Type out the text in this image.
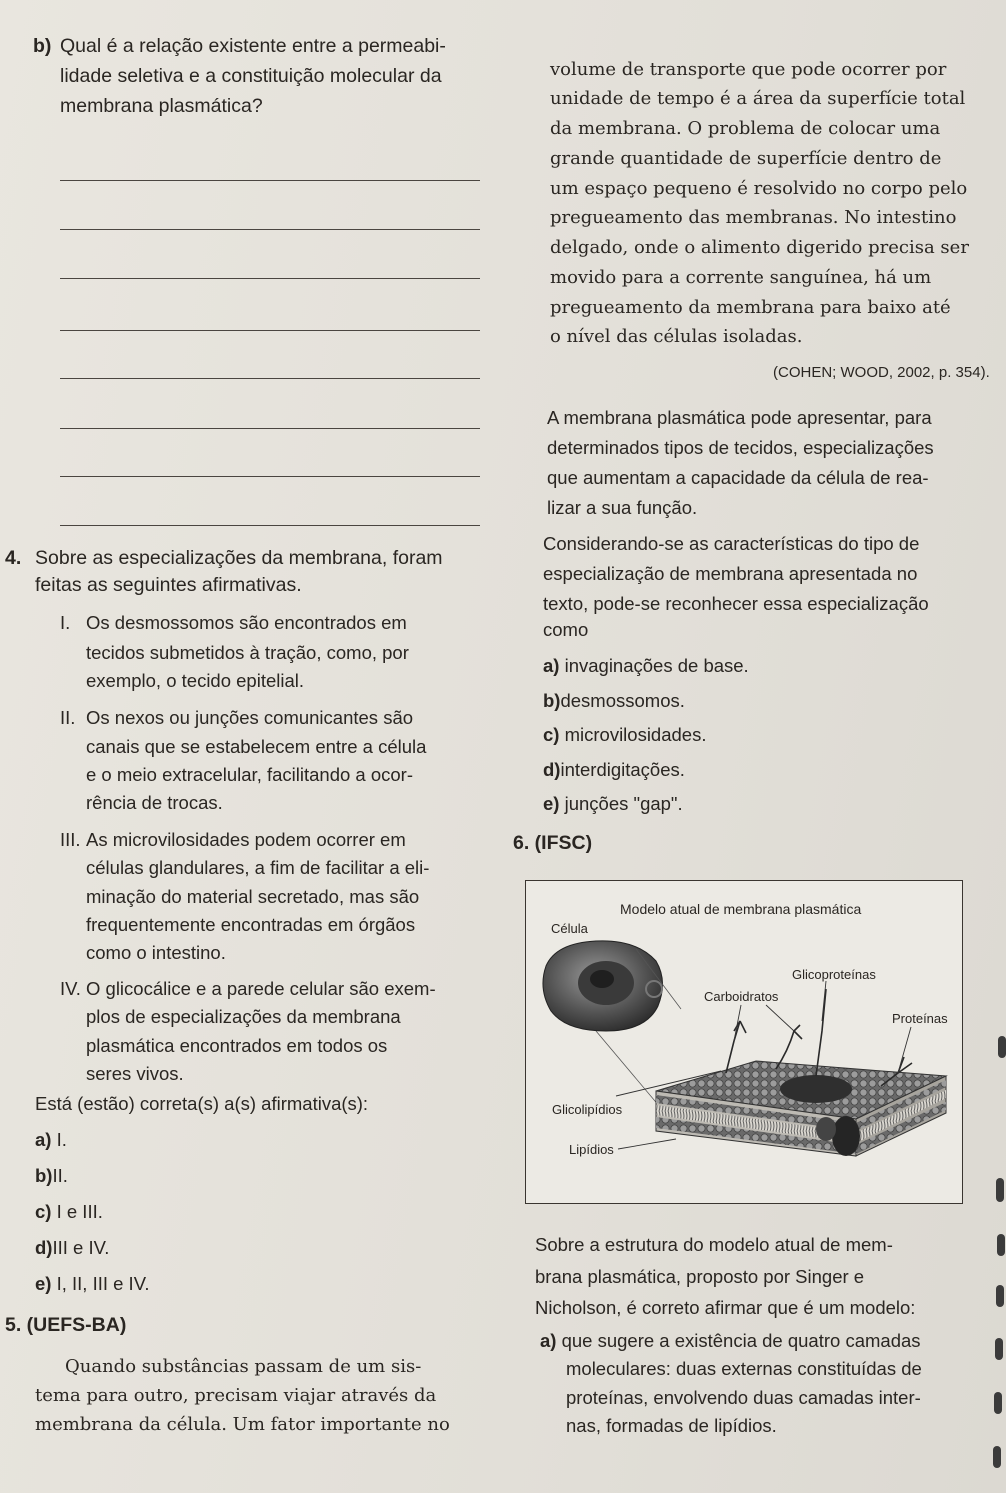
b) Qual é a relação existente entre a permeabi-
lidade seletiva e a constituição molecular da
membrana plasmática?
4. Sobre as especializações da membrana, foram
feitas as seguintes afirmativas.
I. Os desmossomos são encontrados em
tecidos submetidos à tração, como, por
exemplo, o tecido epitelial.
II. Os nexos ou junções comunicantes são
canais que se estabelecem entre a célula
e o meio extracelular, facilitando a ocor-
rência de trocas.
III. As microvilosidades podem ocorrer em
células glandulares, a fim de facilitar a eli-
minação do material secretado, mas são
frequentemente encontradas em órgãos
como o intestino.
IV. O glicocálice e a parede celular são exem-
plos de especializações da membrana
plasmática encontrados em todos os
seres vivos.
Está (estão) correta(s) a(s) afirmativa(s):
a) I.
b)II.
c) I e III.
d)III e IV.
e) I, II, III e IV.
5. (UEFS-BA)
Quando substâncias passam de um sis-
tema para outro, precisam viajar através da
membrana da célula. Um fator importante no
volume de transporte que pode ocorrer por
unidade de tempo é a área da superfície total
da membrana. O problema de colocar uma
grande quantidade de superfície dentro de
um espaço pequeno é resolvido no corpo pelo
pregueamento das membranas. No intestino
delgado, onde o alimento digerido precisa ser
movido para a corrente sanguínea, há um
pregueamento da membrana para baixo até
o nível das células isoladas.
(COHEN; WOOD, 2002, p. 354).
A membrana plasmática pode apresentar, para
determinados tipos de tecidos, especializações
que aumentam a capacidade da célula de rea-
lizar a sua função.
Considerando-se as características do tipo de
especialização de membrana apresentada no
texto, pode-se reconhecer essa especialização
como
a) invaginações de base.
b)desmossomos.
c) microvilosidades.
d)interdigitações.
e) junções "gap".
6. (IFSC)
Modelo atual de membrana plasmática
Célula
Glicoproteínas
Carboidratos
Proteínas
Glicolipídios
Lipídios
Sobre a estrutura do modelo atual de mem-
brana plasmática, proposto por Singer e
Nicholson, é correto afirmar que é um modelo:
a) que sugere a existência de quatro camadas
moleculares: duas externas constituídas de
proteínas, envolvendo duas camadas inter-
nas, formadas de lipídios.
